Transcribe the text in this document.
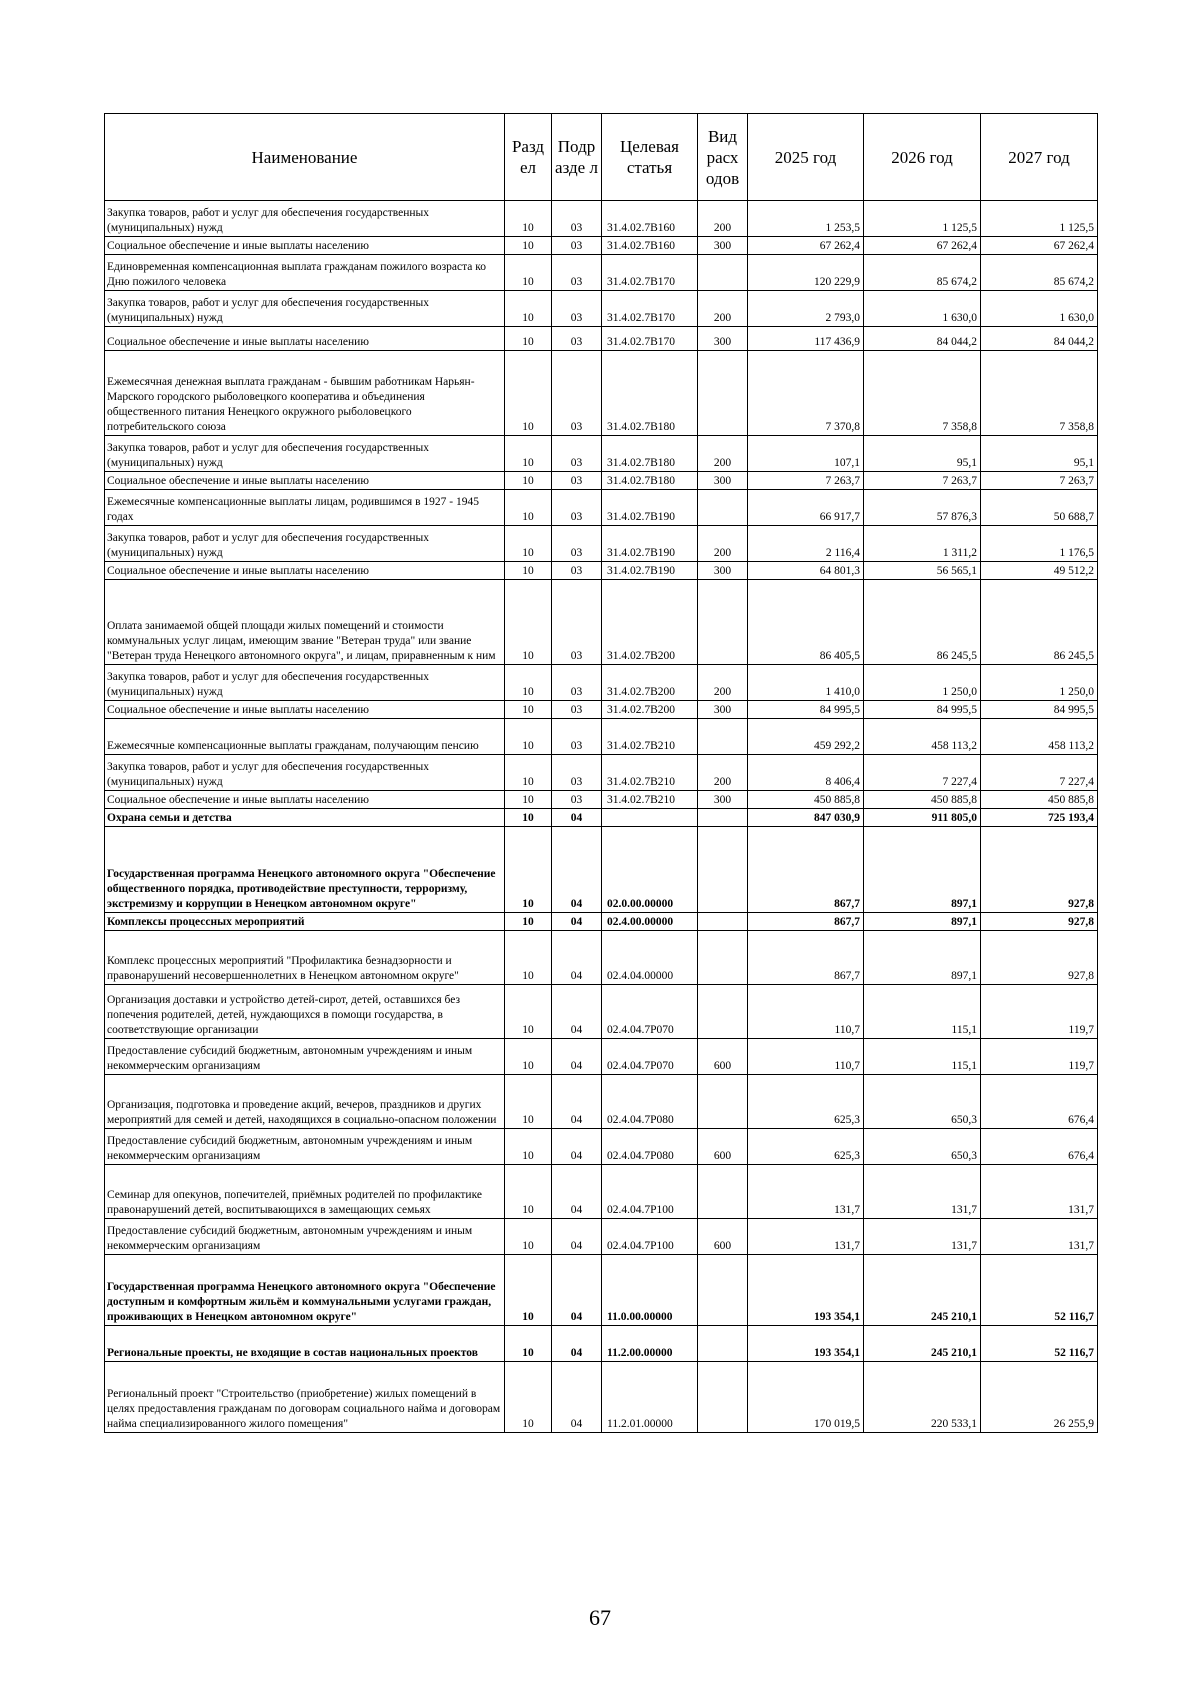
Наименование	Разд ел	Подр азде л	Целевая статья	Вид расх одов	2025 год	2026 год	2027 год
Закупка товаров, работ и услуг для обеспечения государственных (муниципальных) нужд	10	03	31.4.02.7В160	200	1 253,5	1 125,5	1 125,5
Социальное обеспечение и иные выплаты населению	10	03	31.4.02.7В160	300	67 262,4	67 262,4	67 262,4
Единовременная компенсационная выплата гражданам пожилого возраста ко Дню пожилого человека	10	03	31.4.02.7В170		120 229,9	85 674,2	85 674,2
Закупка товаров, работ и услуг для обеспечения государственных (муниципальных) нужд	10	03	31.4.02.7В170	200	2 793,0	1 630,0	1 630,0
Социальное обеспечение и иные выплаты населению	10	03	31.4.02.7В170	300	117 436,9	84 044,2	84 044,2
Ежемесячная денежная выплата гражданам - бывшим работникам Нарьян-Марского городского рыболовецкого кооператива и объединения общественного питания Ненецкого окружного рыболовецкого потребительского союза	10	03	31.4.02.7В180		7 370,8	7 358,8	7 358,8
Закупка товаров, работ и услуг для обеспечения государственных (муниципальных) нужд	10	03	31.4.02.7В180	200	107,1	95,1	95,1
Социальное обеспечение и иные выплаты населению	10	03	31.4.02.7В180	300	7 263,7	7 263,7	7 263,7
Ежемесячные компенсационные выплаты лицам, родившимся в 1927 - 1945 годах	10	03	31.4.02.7В190		66 917,7	57 876,3	50 688,7
Закупка товаров, работ и услуг для обеспечения государственных (муниципальных) нужд	10	03	31.4.02.7В190	200	2 116,4	1 311,2	1 176,5
Социальное обеспечение и иные выплаты населению	10	03	31.4.02.7В190	300	64 801,3	56 565,1	49 512,2
Оплата занимаемой общей площади жилых помещений и стоимости коммунальных услуг лицам, имеющим звание "Ветеран труда" или звание "Ветеран труда Ненецкого автономного округа", и лицам, приравненным к ним	10	03	31.4.02.7В200		86 405,5	86 245,5	86 245,5
Закупка товаров, работ и услуг для обеспечения государственных (муниципальных) нужд	10	03	31.4.02.7В200	200	1 410,0	1 250,0	1 250,0
Социальное обеспечение и иные выплаты населению	10	03	31.4.02.7В200	300	84 995,5	84 995,5	84 995,5
Ежемесячные компенсационные выплаты гражданам, получающим пенсию	10	03	31.4.02.7В210		459 292,2	458 113,2	458 113,2
Закупка товаров, работ и услуг для обеспечения государственных (муниципальных) нужд	10	03	31.4.02.7В210	200	8 406,4	7 227,4	7 227,4
Социальное обеспечение и иные выплаты населению	10	03	31.4.02.7В210	300	450 885,8	450 885,8	450 885,8
Охрана семьи и детства	10	04			847 030,9	911 805,0	725 193,4
Государственная программа Ненецкого автономного округа "Обеспечение общественного порядка, противодействие преступности, терроризму, экстремизму и коррупции в Ненецком автономном округе"	10	04	02.0.00.00000		867,7	897,1	927,8
Комплексы процессных мероприятий	10	04	02.4.00.00000		867,7	897,1	927,8
Комплекс процессных мероприятий "Профилактика безнадзорности и правонарушений несовершеннолетних в Ненецком автономном округе"	10	04	02.4.04.00000		867,7	897,1	927,8
Организация доставки и устройство детей-сирот, детей, оставшихся без попечения родителей, детей, нуждающихся в помощи государства, в соответствующие организации	10	04	02.4.04.7Р070		110,7	115,1	119,7
Предоставление субсидий бюджетным, автономным учреждениям и иным некоммерческим организациям	10	04	02.4.04.7Р070	600	110,7	115,1	119,7
Организация, подготовка и проведение акций, вечеров, праздников и других мероприятий для семей и детей, находящихся в социально-опасном положении	10	04	02.4.04.7Р080		625,3	650,3	676,4
Предоставление субсидий бюджетным, автономным учреждениям и иным некоммерческим организациям	10	04	02.4.04.7Р080	600	625,3	650,3	676,4
Семинар для опекунов, попечителей, приёмных родителей по профилактике правонарушений детей, воспитывающихся в замещающих семьях	10	04	02.4.04.7Р100		131,7	131,7	131,7
Предоставление субсидий бюджетным, автономным учреждениям и иным некоммерческим организациям	10	04	02.4.04.7Р100	600	131,7	131,7	131,7
Государственная программа Ненецкого автономного округа "Обеспечение доступным и комфортным жильём и коммунальными услугами граждан, проживающих в Ненецком автономном округе"	10	04	11.0.00.00000		193 354,1	245 210,1	52 116,7
Региональные проекты, не входящие в состав национальных проектов	10	04	11.2.00.00000		193 354,1	245 210,1	52 116,7
Региональный проект "Строительство (приобретение) жилых помещений в целях предоставления гражданам по договорам социального найма и договорам найма специализированного жилого помещения"	10	04	11.2.01.00000		170 019,5	220 533,1	26 255,9
67
